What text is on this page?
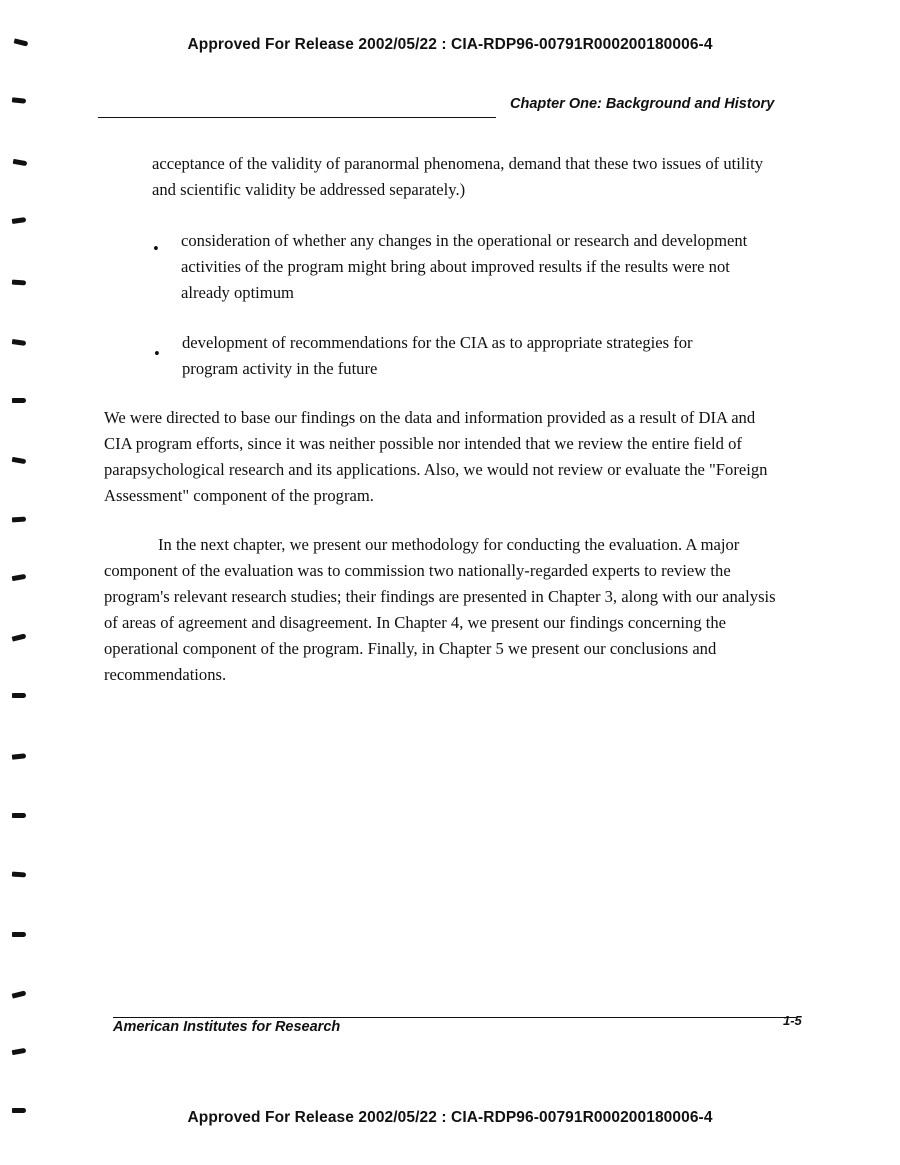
Approved For Release 2002/05/22 : CIA-RDP96-00791R000200180006-4
Chapter One: Background and History

acceptance of the validity of paranormal phenomena, demand that these two issues of utility and scientific validity be addressed separately.)

• consideration of whether any changes in the operational or research and development activities of the program might bring about improved results if the results were not already optimum

•

development of recommendations for the CIA as to appropriate strategies for program activity in the future

We were directed to base our findings on the data and information provided as a result of DIA and CIA program efforts, since it was neither possible nor intended that we review the entire field of parapsychological research and its applications. Also, we would not review or evaluate the "Foreign Assessment" component of the program.

In the next chapter, we present our methodology for conducting the evaluation. A major component of the evaluation was to commission two nationally-regarded experts to review the program's relevant research studies; their findings are presented in Chapter 3, along with our analysis of areas of agreement and disagreement. In Chapter 4, we present our findings concerning the operational component of the program. Finally, in Chapter 5 we present our conclusions and recommendations.

American Institutes for Research	1-5
Approved For Release 2002/05/22 : CIA-RDP96-00791R000200180006-4
